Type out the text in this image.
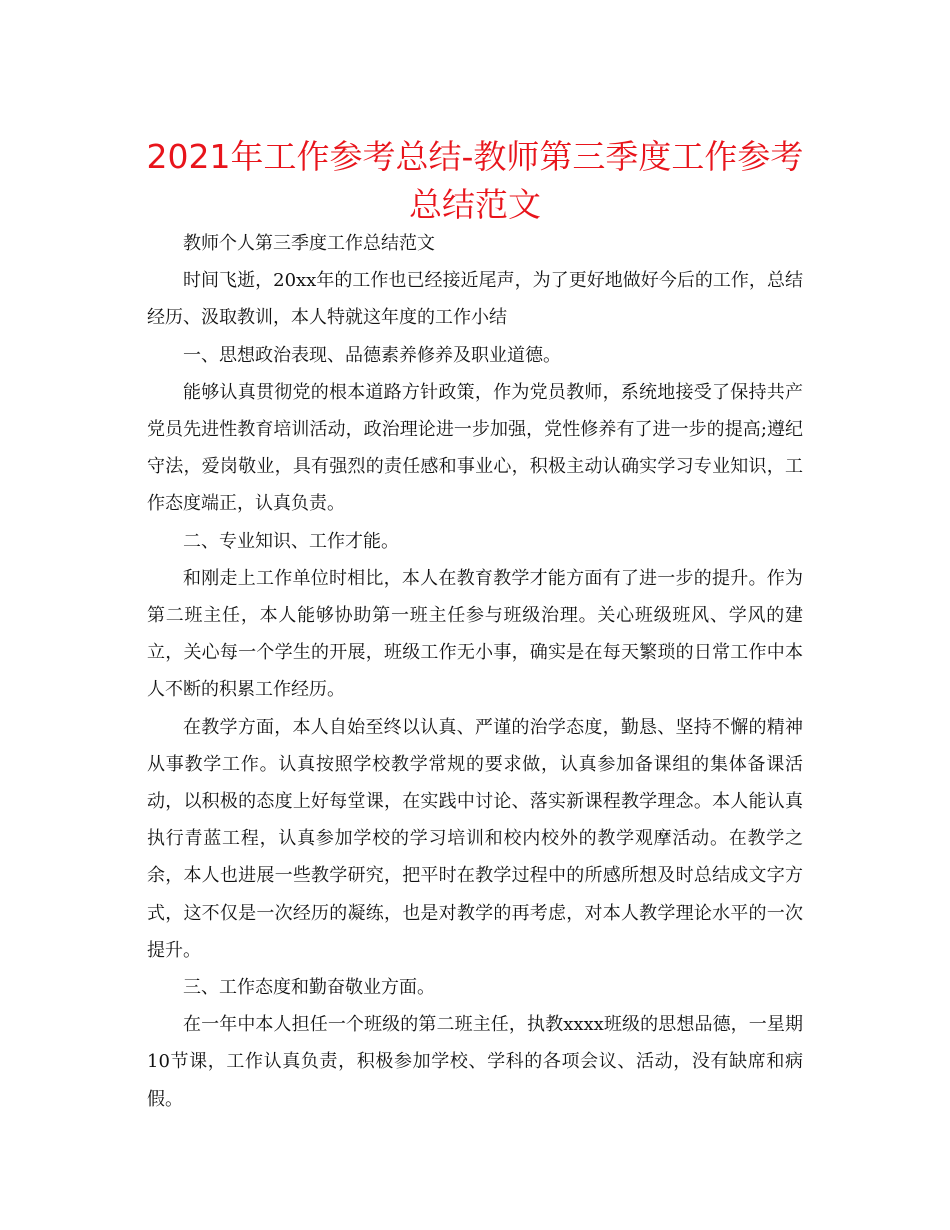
2021年工作参考总结-教师第三季度工作参考总结范文

教师个人第三季度工作总结范文

时间飞逝，20xx年的工作也已经接近尾声，为了更好地做好今后的工作，总结经历、汲取教训，本人特就这年度的工作小结

一、思想政治表现、品德素养修养及职业道德。

能够认真贯彻党的根本道路方针政策，作为党员教师，系统地接受了保持共产党员先进性教育培训活动，政治理论进一步加强，党性修养有了进一步的提高;遵纪守法，爱岗敬业，具有强烈的责任感和事业心，积极主动认确实学习专业知识，工作态度端正，认真负责。

二、专业知识、工作才能。

和刚走上工作单位时相比，本人在教育教学才能方面有了进一步的提升。作为第二班主任，本人能够协助第一班主任参与班级治理。关心班级班风、学风的建立，关心每一个学生的开展，班级工作无小事，确实是在每天繁琐的日常工作中本人不断的积累工作经历。

在教学方面，本人自始至终以认真、严谨的治学态度，勤恳、坚持不懈的精神从事教学工作。认真按照学校教学常规的要求做，认真参加备课组的集体备课活动，以积极的态度上好每堂课，在实践中讨论、落实新课程教学理念。本人能认真执行青蓝工程，认真参加学校的学习培训和校内校外的教学观摩活动。在教学之余，本人也进展一些教学研究，把平时在教学过程中的所感所想及时总结成文字方式，这不仅是一次经历的凝练，也是对教学的再考虑，对本人教学理论水平的一次提升。

三、工作态度和勤奋敬业方面。

在一年中本人担任一个班级的第二班主任，执教xxxx班级的思想品德，一星期10节课，工作认真负责，积极参加学校、学科的各项会议、活动，没有缺席和病假。
